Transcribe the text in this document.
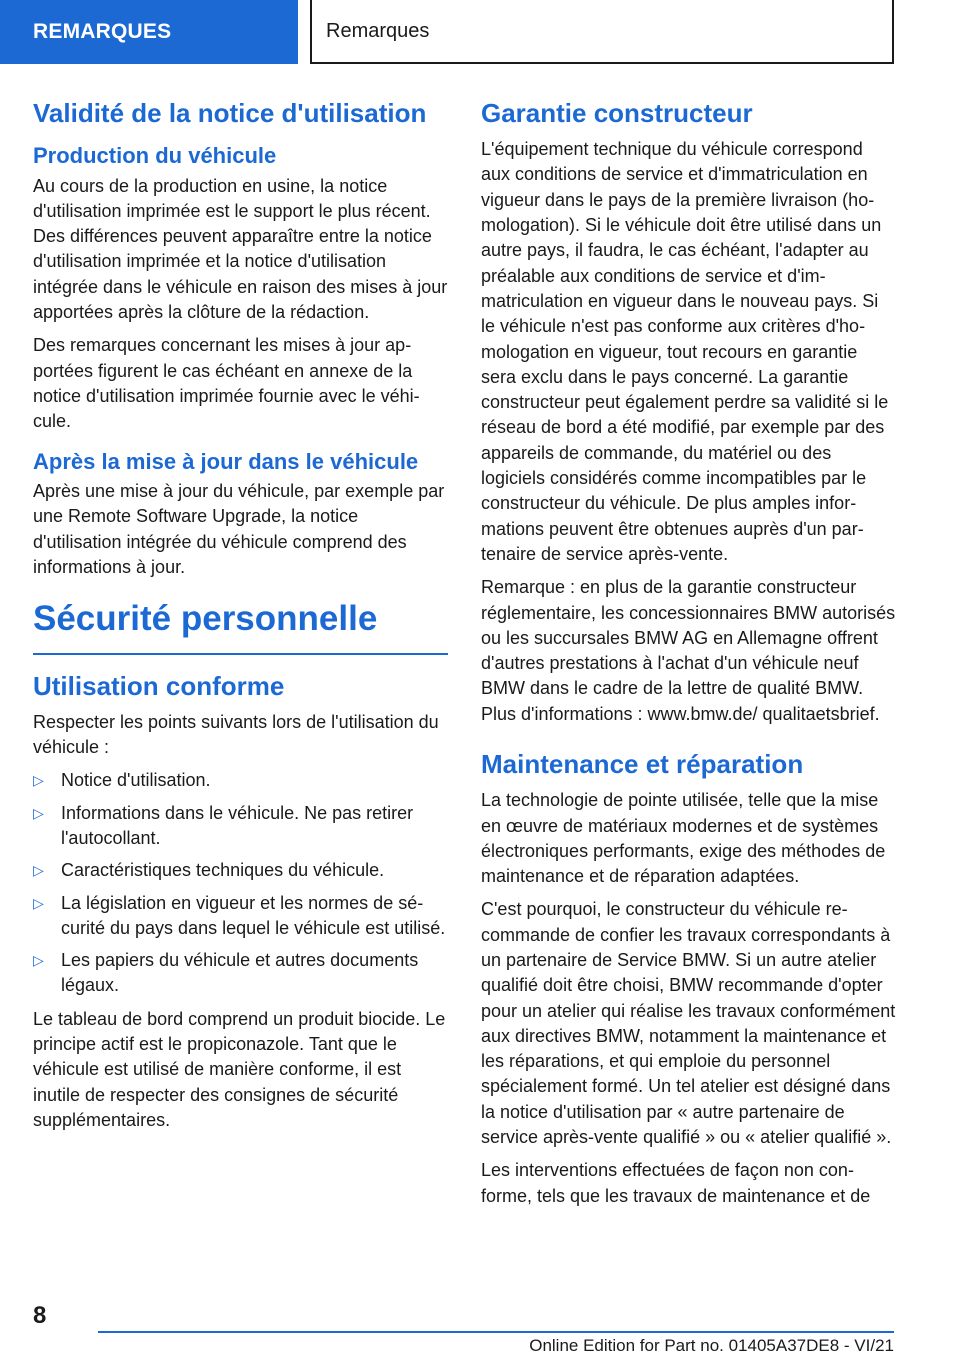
REMARQUES	Remarques
Validité de la notice d'utilisation
Production du véhicule

Au cours de la production en usine, la notice d'utilisation imprimée est le support le plus récent. Des différences peuvent apparaître entre la notice d'utilisation imprimée et la notice d'utilisation intégrée dans le véhicule en raison des mises à jour apportées après la clôture de la rédaction.

Des remarques concernant les mises à jour apportées figurent le cas échéant en annexe de la notice d'utilisation imprimée fournie avec le véhicule.

Après la mise à jour dans le véhicule

Après une mise à jour du véhicule, par exemple par une Remote Software Upgrade, la notice d'utilisation intégrée du véhicule comprend des informations à jour.

Sécurité personnelle
Utilisation conforme

Respecter les points suivants lors de l'utilisation du véhicule :

▷ Notice d'utilisation.
▷ Informations dans le véhicule. Ne pas retirer l'autocollant.
▷ Caractéristiques techniques du véhicule.
▷ La législation en vigueur et les normes de sécurité du pays dans lequel le véhicule est utilisé.
▷ Les papiers du véhicule et autres documents légaux.

Le tableau de bord comprend un produit biocide. Le principe actif est le propiconazole. Tant que le véhicule est utilisé de manière conforme, il est inutile de respecter des consignes de sécurité supplémentaires.

Garantie constructeur

L'équipement technique du véhicule correspond aux conditions de service et d'immatriculation en vigueur dans le pays de la première livraison (homologation). Si le véhicule doit être utilisé dans un autre pays, il faudra, le cas échéant, l'adapter au préalable aux conditions de service et d'immatriculation en vigueur dans le nouveau pays. Si le véhicule n'est pas conforme aux critères d'homologation en vigueur, tout recours en garantie sera exclu dans le pays concerné. La garantie constructeur peut également perdre sa validité si le réseau de bord a été modifié, par exemple par des appareils de commande, du matériel ou des logiciels considérés comme incompatibles par le constructeur du véhicule. De plus amples informations peuvent être obtenues auprès d'un partenaire de service après-vente.

Remarque : en plus de la garantie constructeur réglementaire, les concessionnaires BMW autorisés ou les succursales BMW AG en Allemagne offrent d'autres prestations à l'achat d'un véhicule neuf BMW dans le cadre de la lettre de qualité BMW. Plus d'informations : www.bmw.de/ qualitaetsbrief.

Maintenance et réparation

La technologie de pointe utilisée, telle que la mise en œuvre de matériaux modernes et de systèmes électroniques performants, exige des méthodes de maintenance et de réparation adaptées.

C'est pourquoi, le constructeur du véhicule recommande de confier les travaux correspondants à un partenaire de Service BMW. Si un autre atelier qualifié doit être choisi, BMW recommande d'opter pour un atelier qui réalise les travaux conformément aux directives BMW, notamment la maintenance et les réparations, et qui emploie du personnel spécialement formé. Un tel atelier est désigné dans la notice d'utilisation par « autre partenaire de service après-vente qualifié » ou « atelier qualifié ».

Les interventions effectuées de façon non conforme, tels que les travaux de maintenance et de

8
Online Edition for Part no. 01405A37DE8 - VI/21
